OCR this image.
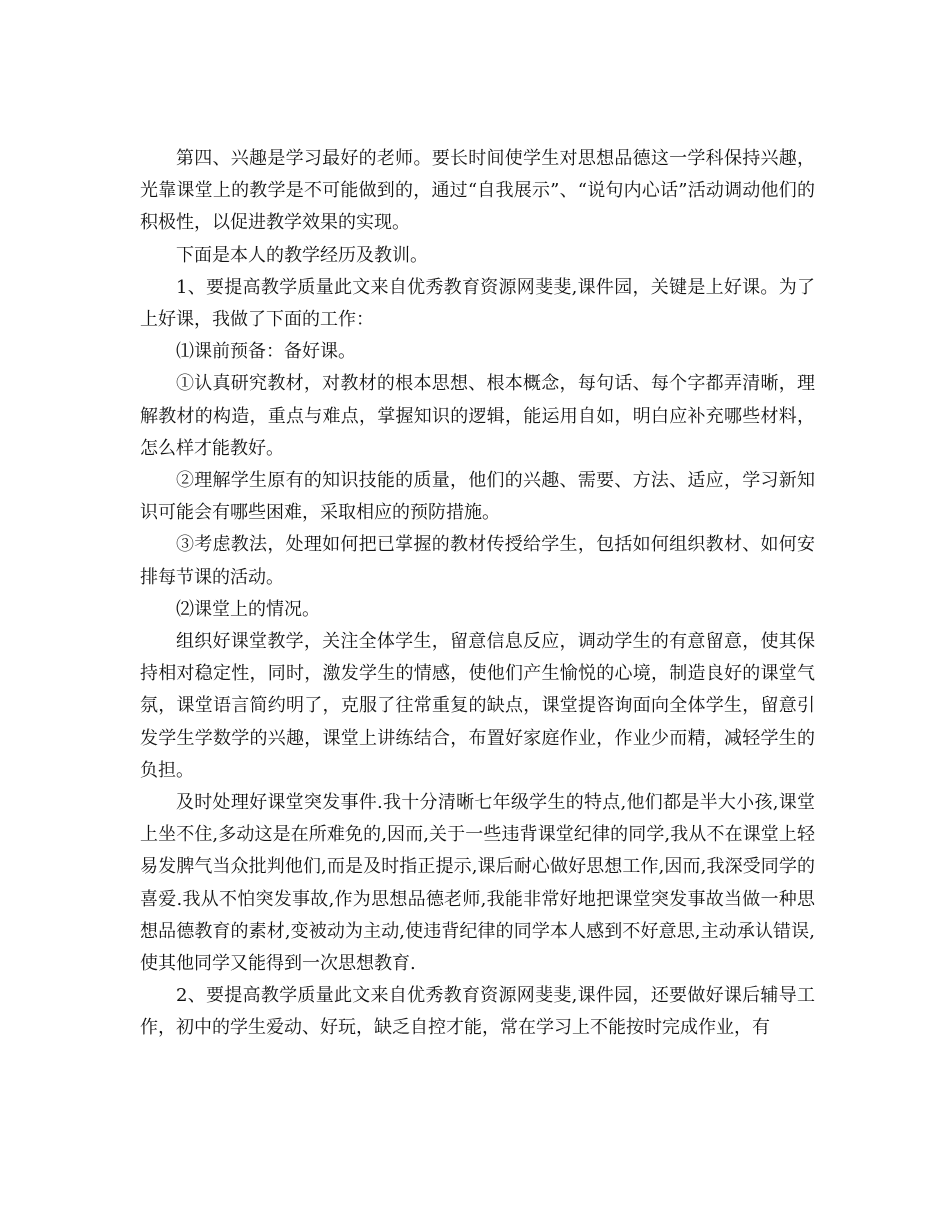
第四、兴趣是学习最好的老师。要长时间使学生对思想品德这一学科保持兴趣，光靠课堂上的教学是不可能做到的，通过“自我展示”、“说句内心话”活动调动他们的积极性，以促进教学效果的实现。

下面是本人的教学经历及教训。

1、要提高教学质量此文来自优秀教育资源网斐斐,课件园，关键是上好课。为了上好课，我做了下面的工作：

⑴课前预备：备好课。

①认真研究教材，对教材的根本思想、根本概念，每句话、每个字都弄清晰，理解教材的构造，重点与难点，掌握知识的逻辑，能运用自如，明白应补充哪些材料，怎么样才能教好。

②理解学生原有的知识技能的质量，他们的兴趣、需要、方法、适应，学习新知识可能会有哪些困难，采取相应的预防措施。

③考虑教法，处理如何把已掌握的教材传授给学生，包括如何组织教材、如何安排每节课的活动。

⑵课堂上的情况。

组织好课堂教学，关注全体学生，留意信息反应，调动学生的有意留意，使其保持相对稳定性，同时，激发学生的情感，使他们产生愉悦的心境，制造良好的课堂气氛，课堂语言简约明了，克服了往常重复的缺点，课堂提咨询面向全体学生，留意引发学生学数学的兴趣，课堂上讲练结合，布置好家庭作业，作业少而精，减轻学生的负担。

及时处理好课堂突发事件.我十分清晰七年级学生的特点,他们都是半大小孩,课堂上坐不住,多动这是在所难免的,因而,关于一些违背课堂纪律的同学,我从不在课堂上轻易发脾气当众批判他们,而是及时指正提示,课后耐心做好思想工作,因而,我深受同学的喜爱.我从不怕突发事故,作为思想品德老师,我能非常好地把课堂突发事故当做一种思想品德教育的素材,变被动为主动,使违背纪律的同学本人感到不好意思,主动承认错误,使其他同学又能得到一次思想教育.

2、要提高教学质量此文来自优秀教育资源网斐斐,课件园，还要做好课后辅导工作，初中的学生爱动、好玩，缺乏自控才能，常在学习上不能按时完成作业，有
